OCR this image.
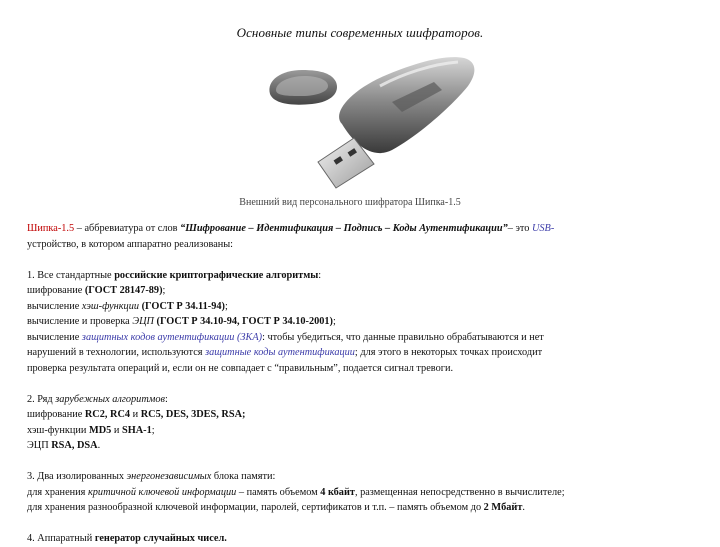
Основные типы современных шифраторов.
Внешний вид персонального шифратора Шипка-1.5

Шипка-1.5 – аббревиатура от слов “Шифрование – Идентификация – Подпись – Коды Аутентификации”– это USB-

устройство, в котором аппаратно реализованы:

1. Все стандартные российские криптографические алгоритмы:

шифрование (ГОСТ 28147-89);

вычисление хэш-функции (ГОСТ Р 34.11-94);

вычисление и проверка ЭЦП (ГОСТ Р 34.10-94, ГОСТ Р 34.10-2001);

вычисление защитных кодов аутентификации (ЗКА): чтобы убедиться, что данные правильно обрабатываются и нет

нарушений в технологии, используются защитные коды аутентификации; для этого в некоторых точках происходит

проверка результата операций и, если он не совпадает с “правильным”, подается сигнал тревоги.

2. Ряд зарубежных алгоритмов:

шифрование RC2, RC4 и RC5, DES, 3DES, RSA;

хэш-функции MD5 и SHA-1;

ЭЦП RSA, DSA.

3. Два изолированных энергонезависимых блока памяти:

для хранения критичной ключевой информации – память объемом 4 кбайт, размещенная непосредственно в вычислителе;

для хранения разнообразной ключевой информации, паролей, сертификатов и т.п. – память объемом до 2 Мбайт.

4. Аппаратный генератор случайных чисел.
